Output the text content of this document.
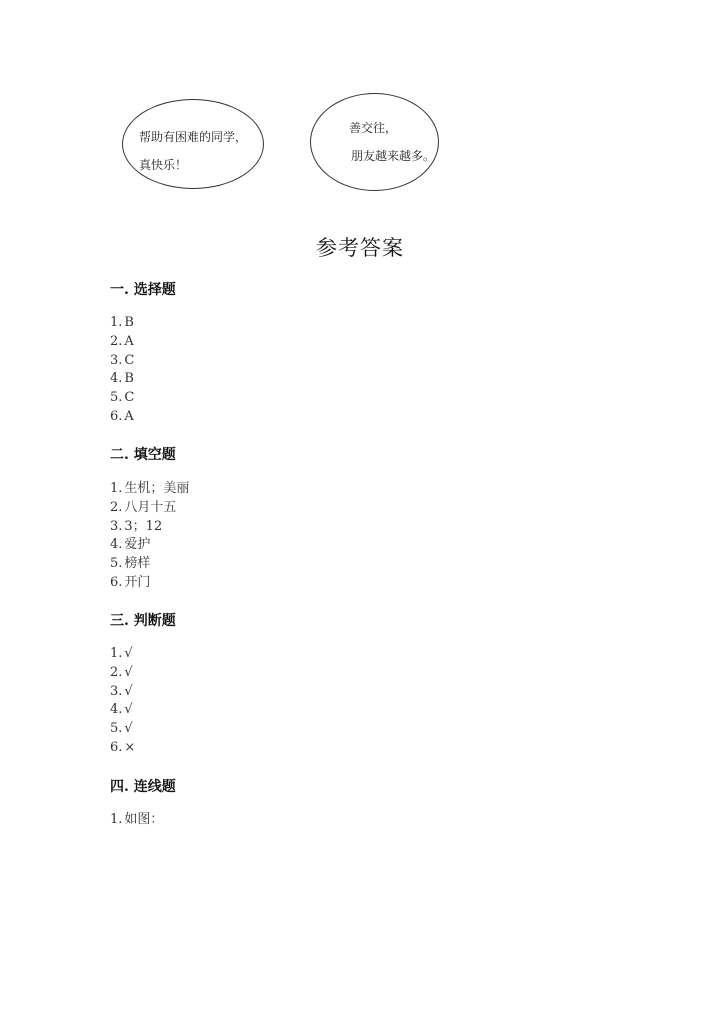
帮助有困难的同学，
真快乐！
善交往，
朋友越来越多。
参考答案
一. 选择题
1. B
2. A
3. C
4. B
5. C
6. A
二. 填空题
1. 生机；美丽
2. 八月十五
3. 3；12
4. 爱护
5. 榜样
6. 开门
三. 判断题
1. √
2. √
3. √
4. √
5. √
6. ×
四. 连线题
1. 如图：
